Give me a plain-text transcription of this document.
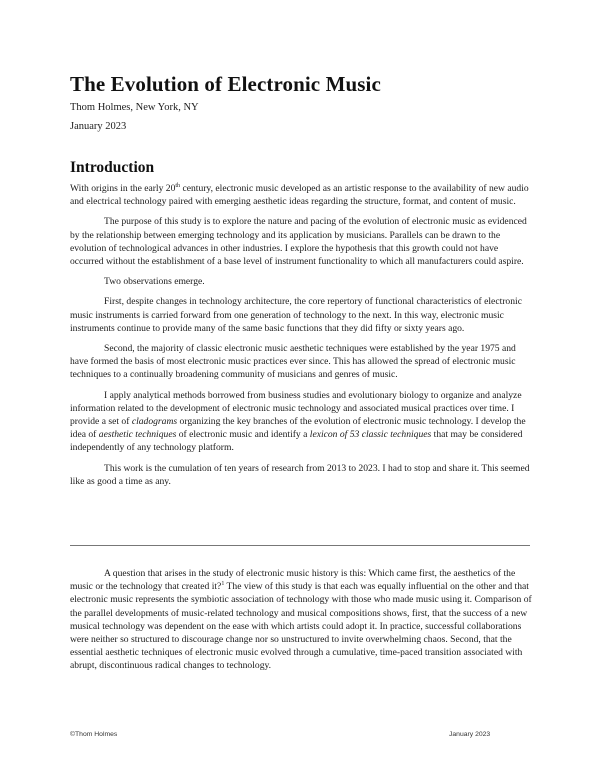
The Evolution of Electronic Music

Thom Holmes, New York, NY

January 2023

Introduction

With origins in the early 20th century, electronic music developed as an artistic response to the availability of new audio and electrical technology paired with emerging aesthetic ideas regarding the structure, format, and content of music.

The purpose of this study is to explore the nature and pacing of the evolution of electronic music as evidenced by the relationship between emerging technology and its application by musicians. Parallels can be drawn to the evolution of technological advances in other industries. I explore the hypothesis that this growth could not have occurred without the establishment of a base level of instrument functionality to which all manufacturers could aspire.

Two observations emerge.

First, despite changes in technology architecture, the core repertory of functional characteristics of electronic music instruments is carried forward from one generation of technology to the next. In this way, electronic music instruments continue to provide many of the same basic functions that they did fifty or sixty years ago.

Second, the majority of classic electronic music aesthetic techniques were established by the year 1975 and have formed the basis of most electronic music practices ever since. This has allowed the spread of electronic music techniques to a continually broadening community of musicians and genres of music.

I apply analytical methods borrowed from business studies and evolutionary biology to organize and analyze information related to the development of electronic music technology and associated musical practices over time. I provide a set of cladograms organizing the key branches of the evolution of electronic music technology. I develop the idea of aesthetic techniques of electronic music and identify a lexicon of 53 classic techniques that may be considered independently of any technology platform.

This work is the cumulation of ten years of research from 2013 to 2023. I had to stop and share it. This seemed like as good a time as any.

A question that arises in the study of electronic music history is this: Which came first, the aesthetics of the music or the technology that created it?$^1$ The view of this study is that each was equally influential on the other and that electronic music represents the symbiotic association of technology with those who made music using it. Comparison of the parallel developments of music-related technology and musical compositions shows, first, that the success of a new musical technology was dependent on the ease with which artists could adopt it. In practice, successful collaborations were neither so structured to discourage change nor so unstructured to invite overwhelming chaos. Second, that the essential aesthetic techniques of electronic music evolved through a cumulative, time-paced transition associated with abrupt, discontinuous radical changes to technology.

©Thom Holmes	January 2023
